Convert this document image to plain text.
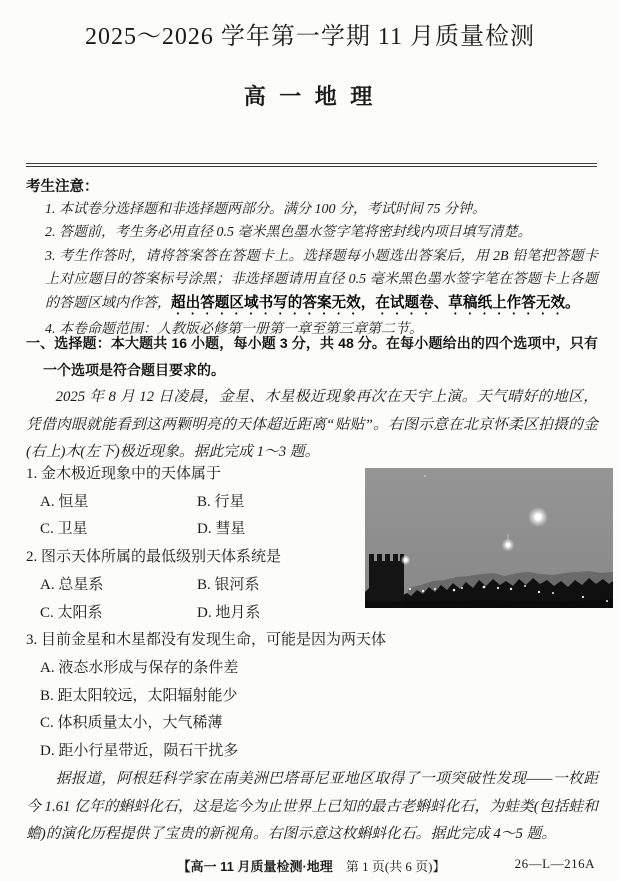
2025～2026 学年第一学期 11 月质量检测
高 一 地 理
考生注意：

1. 本试卷分选择题和非选择题两部分。满分 100 分，考试时间 75 分钟。

2. 答题前，考生务必用直径 0.5 毫米黑色墨水签字笔将密封线内项目填写清楚。

3. 考生作答时，请将答案答在答题卡上。选择题每小题选出答案后，用 2B 铅笔把答题卡上对应题目的答案标号涂黑；非选择题请用直径 0.5 毫米黑色墨水签字笔在答题卡上各题的答题区域内作答，超出答题区域书写的答案无效，在试题卷、草稿纸上作答无效。

4. 本卷命题范围：人教版必修第一册第一章至第三章第二节。

一、选择题：本大题共 16 小题，每小题 3 分，共 48 分。在每小题给出的四个选项中，只有一个选项是符合题目要求的。

2025 年 8 月 12 日凌晨，金星、木星极近现象再次在天宇上演。天气晴好的地区，凭借肉眼就能看到这两颗明亮的天体超近距离“贴贴”。右图示意在北京怀柔区拍摄的金(右上)木(左下)极近现象。据此完成 1～3 题。

1. 金木极近现象中的天体属于
A. 恒星	B. 行星
C. 卫星	D. 彗星
2. 图示天体所属的最低级别天体系统是
A. 总星系	B. 银河系
C. 太阳系	D. 地月系
3. 目前金星和木星都没有发现生命，可能是因为两天体
A. 液态水形成与保存的条件差
B. 距太阳较远，太阳辐射能少
C. 体积质量太小，大气稀薄
D. 距小行星带近，陨石干扰多

据报道，阿根廷科学家在南美洲巴塔哥尼亚地区取得了一项突破性发现——一枚距今 1.61 亿年的蝌蚪化石，这是迄今为止世界上已知的最古老蝌蚪化石，为蛙类(包括蛙和蟾)的演化历程提供了宝贵的新视角。右图示意这枚蝌蚪化石。据此完成 4～5 题。

【高一 11 月质量检测·地理　第 1 页(共 6 页)】	26—L—216A
